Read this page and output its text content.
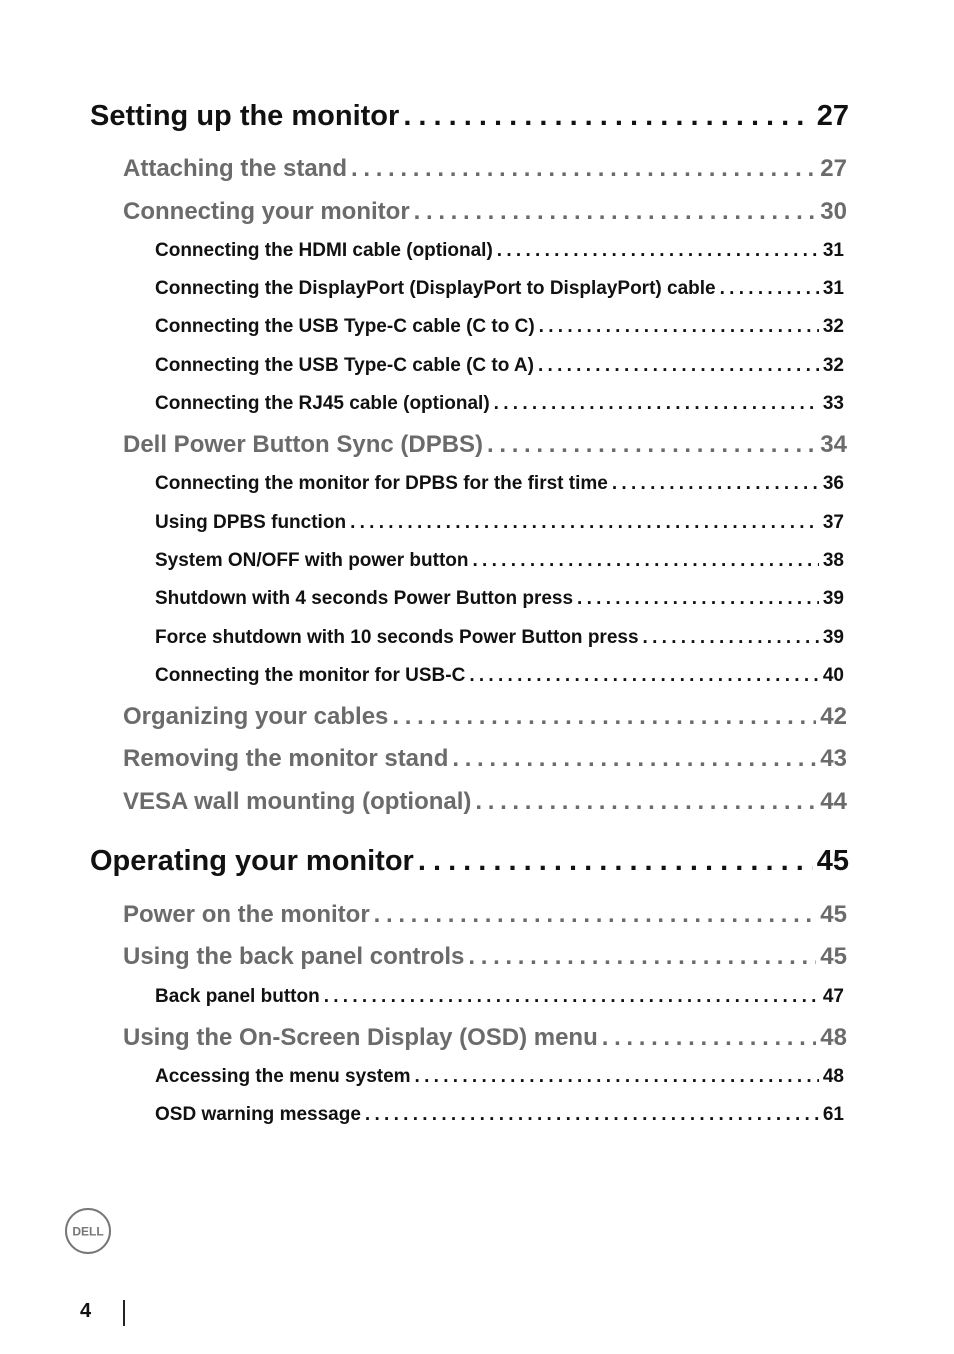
Setting up the monitor . . .	27
Attaching the stand . . .	27
Connecting your monitor . . .	30
Connecting the HDMI cable (optional) . . .	31
Connecting the DisplayPort (DisplayPort to DisplayPort) cable . . .	31
Connecting the USB Type-C cable (C to C) . . .	32
Connecting the USB Type-C cable (C to A) . . .	32
Connecting the RJ45 cable (optional) . . .	33
Dell Power Button Sync (DPBS) . . .	34
Connecting the monitor for DPBS for the first time . . .	36
Using DPBS function . . .	37
System ON/OFF with power button . . .	38
Shutdown with 4 seconds Power Button press . . .	39
Force shutdown with 10 seconds Power Button press . . .	39
Connecting the monitor for USB-C . . .	40
Organizing your cables . . .	42
Removing the monitor stand . . .	43
VESA wall mounting (optional) . . .	44
Operating your monitor . . .	45
Power on the monitor . . .	45
Using the back panel controls . . .	45
Back panel button . . .	47
Using the On-Screen Display (OSD) menu . . .	48
Accessing the menu system . . .	48
OSD warning message . . .	61
DELL
4
